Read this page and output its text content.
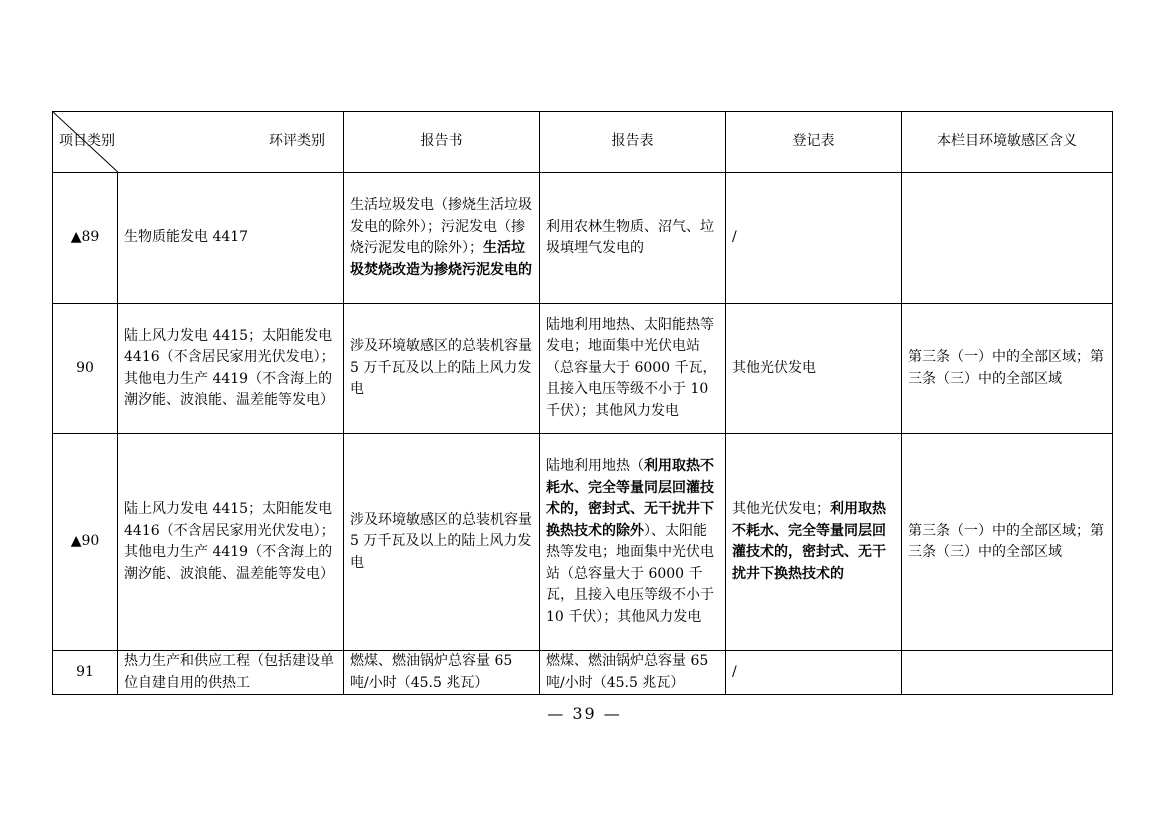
项目类别 环评类别		报告书	报告表	登记表	本栏目环境敏感区含义
▲89	生物质能发电 4417	生活垃圾发电（掺烧生活垃圾发电的除外）；污泥发电（掺烧污泥发电的除外）；生活垃圾焚烧改造为掺烧污泥发电的	利用农林生物质、沼气、垃圾填埋气发电的	/	
90	陆上风力发电 4415；太阳能发电 4416（不含居民家用光伏发电）；其他电力生产 4419（不含海上的潮汐能、波浪能、温差能等发电）	涉及环境敏感区的总装机容量 5 万千瓦及以上的陆上风力发电	陆地利用地热、太阳能热等发电；地面集中光伏电站（总容量大于 6000 千瓦，且接入电压等级不小于 10 千伏）；其他风力发电	其他光伏发电	第三条（一）中的全部区域；第三条（三）中的全部区域
▲90	陆上风力发电 4415；太阳能发电 4416（不含居民家用光伏发电）；其他电力生产 4419（不含海上的潮汐能、波浪能、温差能等发电）	涉及环境敏感区的总装机容量 5 万千瓦及以上的陆上风力发电	陆地利用地热（利用取热不耗水、完全等量同层回灌技术的，密封式、无干扰井下换热技术的除外）、太阳能热等发电；地面集中光伏电站（总容量大于 6000 千瓦，且接入电压等级不小于 10 千伏）；其他风力发电	其他光伏发电；利用取热不耗水、完全等量同层回灌技术的，密封式、无干扰井下换热技术的	第三条（一）中的全部区域；第三条（三）中的全部区域
91	热力生产和供应工程（包括建设单位自建自用的供热工	燃煤、燃油锅炉总容量 65 吨/小时（45.5 兆瓦）	燃煤、燃油锅炉总容量 65 吨/小时（45.5 兆瓦）	/	
— 39 —
